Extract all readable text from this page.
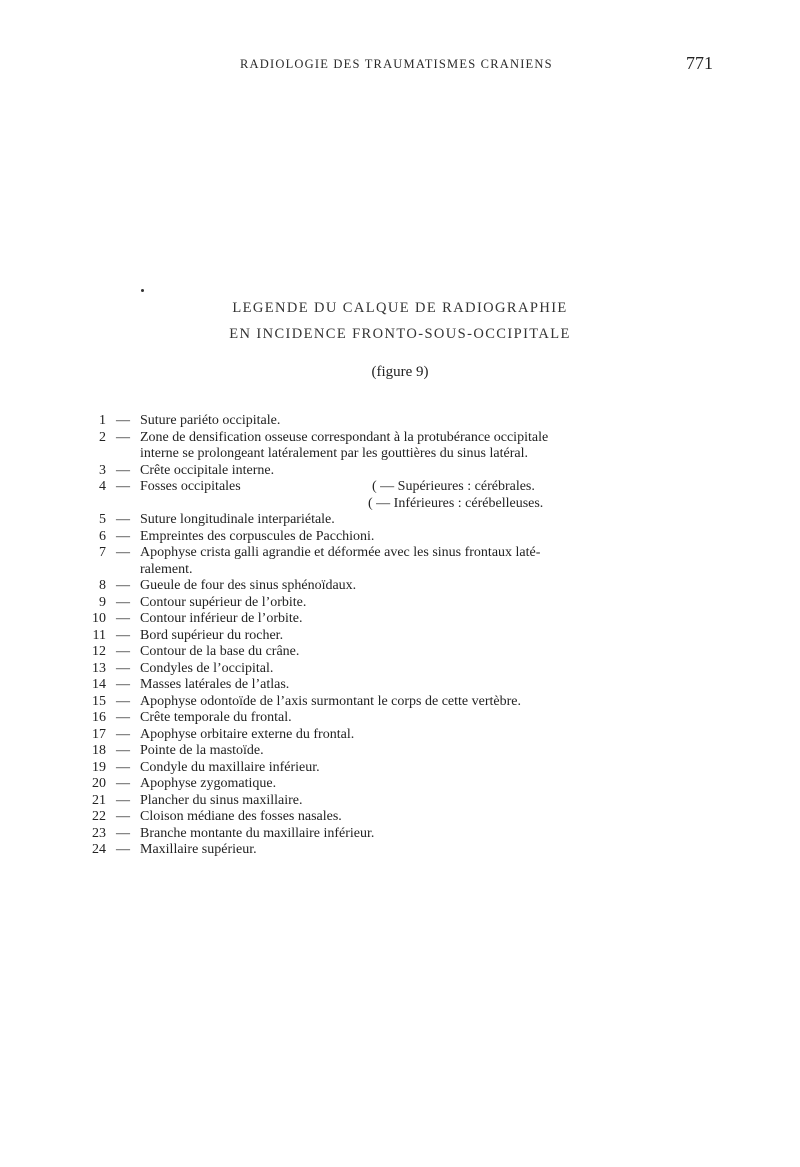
RADIOLOGIE DES TRAUMATISMES CRANIENS	771
LEGENDE DU CALQUE DE RADIOGRAPHIE
EN INCIDENCE FRONTO-SOUS-OCCIPITALE
(figure 9)
1 — Suture pariéto occipitale.
2 — Zone de densification osseuse correspondant à la protubérance occipitale
interne se prolongeant latéralement par les gouttières du sinus latéral.
3 — Crête occipitale interne.
4 — Fosses occipitales	( — Supérieures : cérébrales.
( — Inférieures : cérébelleuses.
5 — Suture longitudinale interpariétale.
6 — Empreintes des corpuscules de Pacchioni.
7 — Apophyse crista galli agrandie et déformée avec les sinus frontaux laté-
ralement.
8 — Gueule de four des sinus sphénoïdaux.
9 — Contour supérieur de l’orbite.
10 — Contour inférieur de l’orbite.
11 — Bord supérieur du rocher.
12 — Contour de la base du crâne.
13 — Condyles de l’occipital.
14 — Masses latérales de l’atlas.
15 — Apophyse odontoïde de l’axis surmontant le corps de cette vertèbre.
16 — Crête temporale du frontal.
17 — Apophyse orbitaire externe du frontal.
18 — Pointe de la mastoïde.
19 — Condyle du maxillaire inférieur.
20 — Apophyse zygomatique.
21 — Plancher du sinus maxillaire.
22 — Cloison médiane des fosses nasales.
23 — Branche montante du maxillaire inférieur.
24 — Maxillaire supérieur.
